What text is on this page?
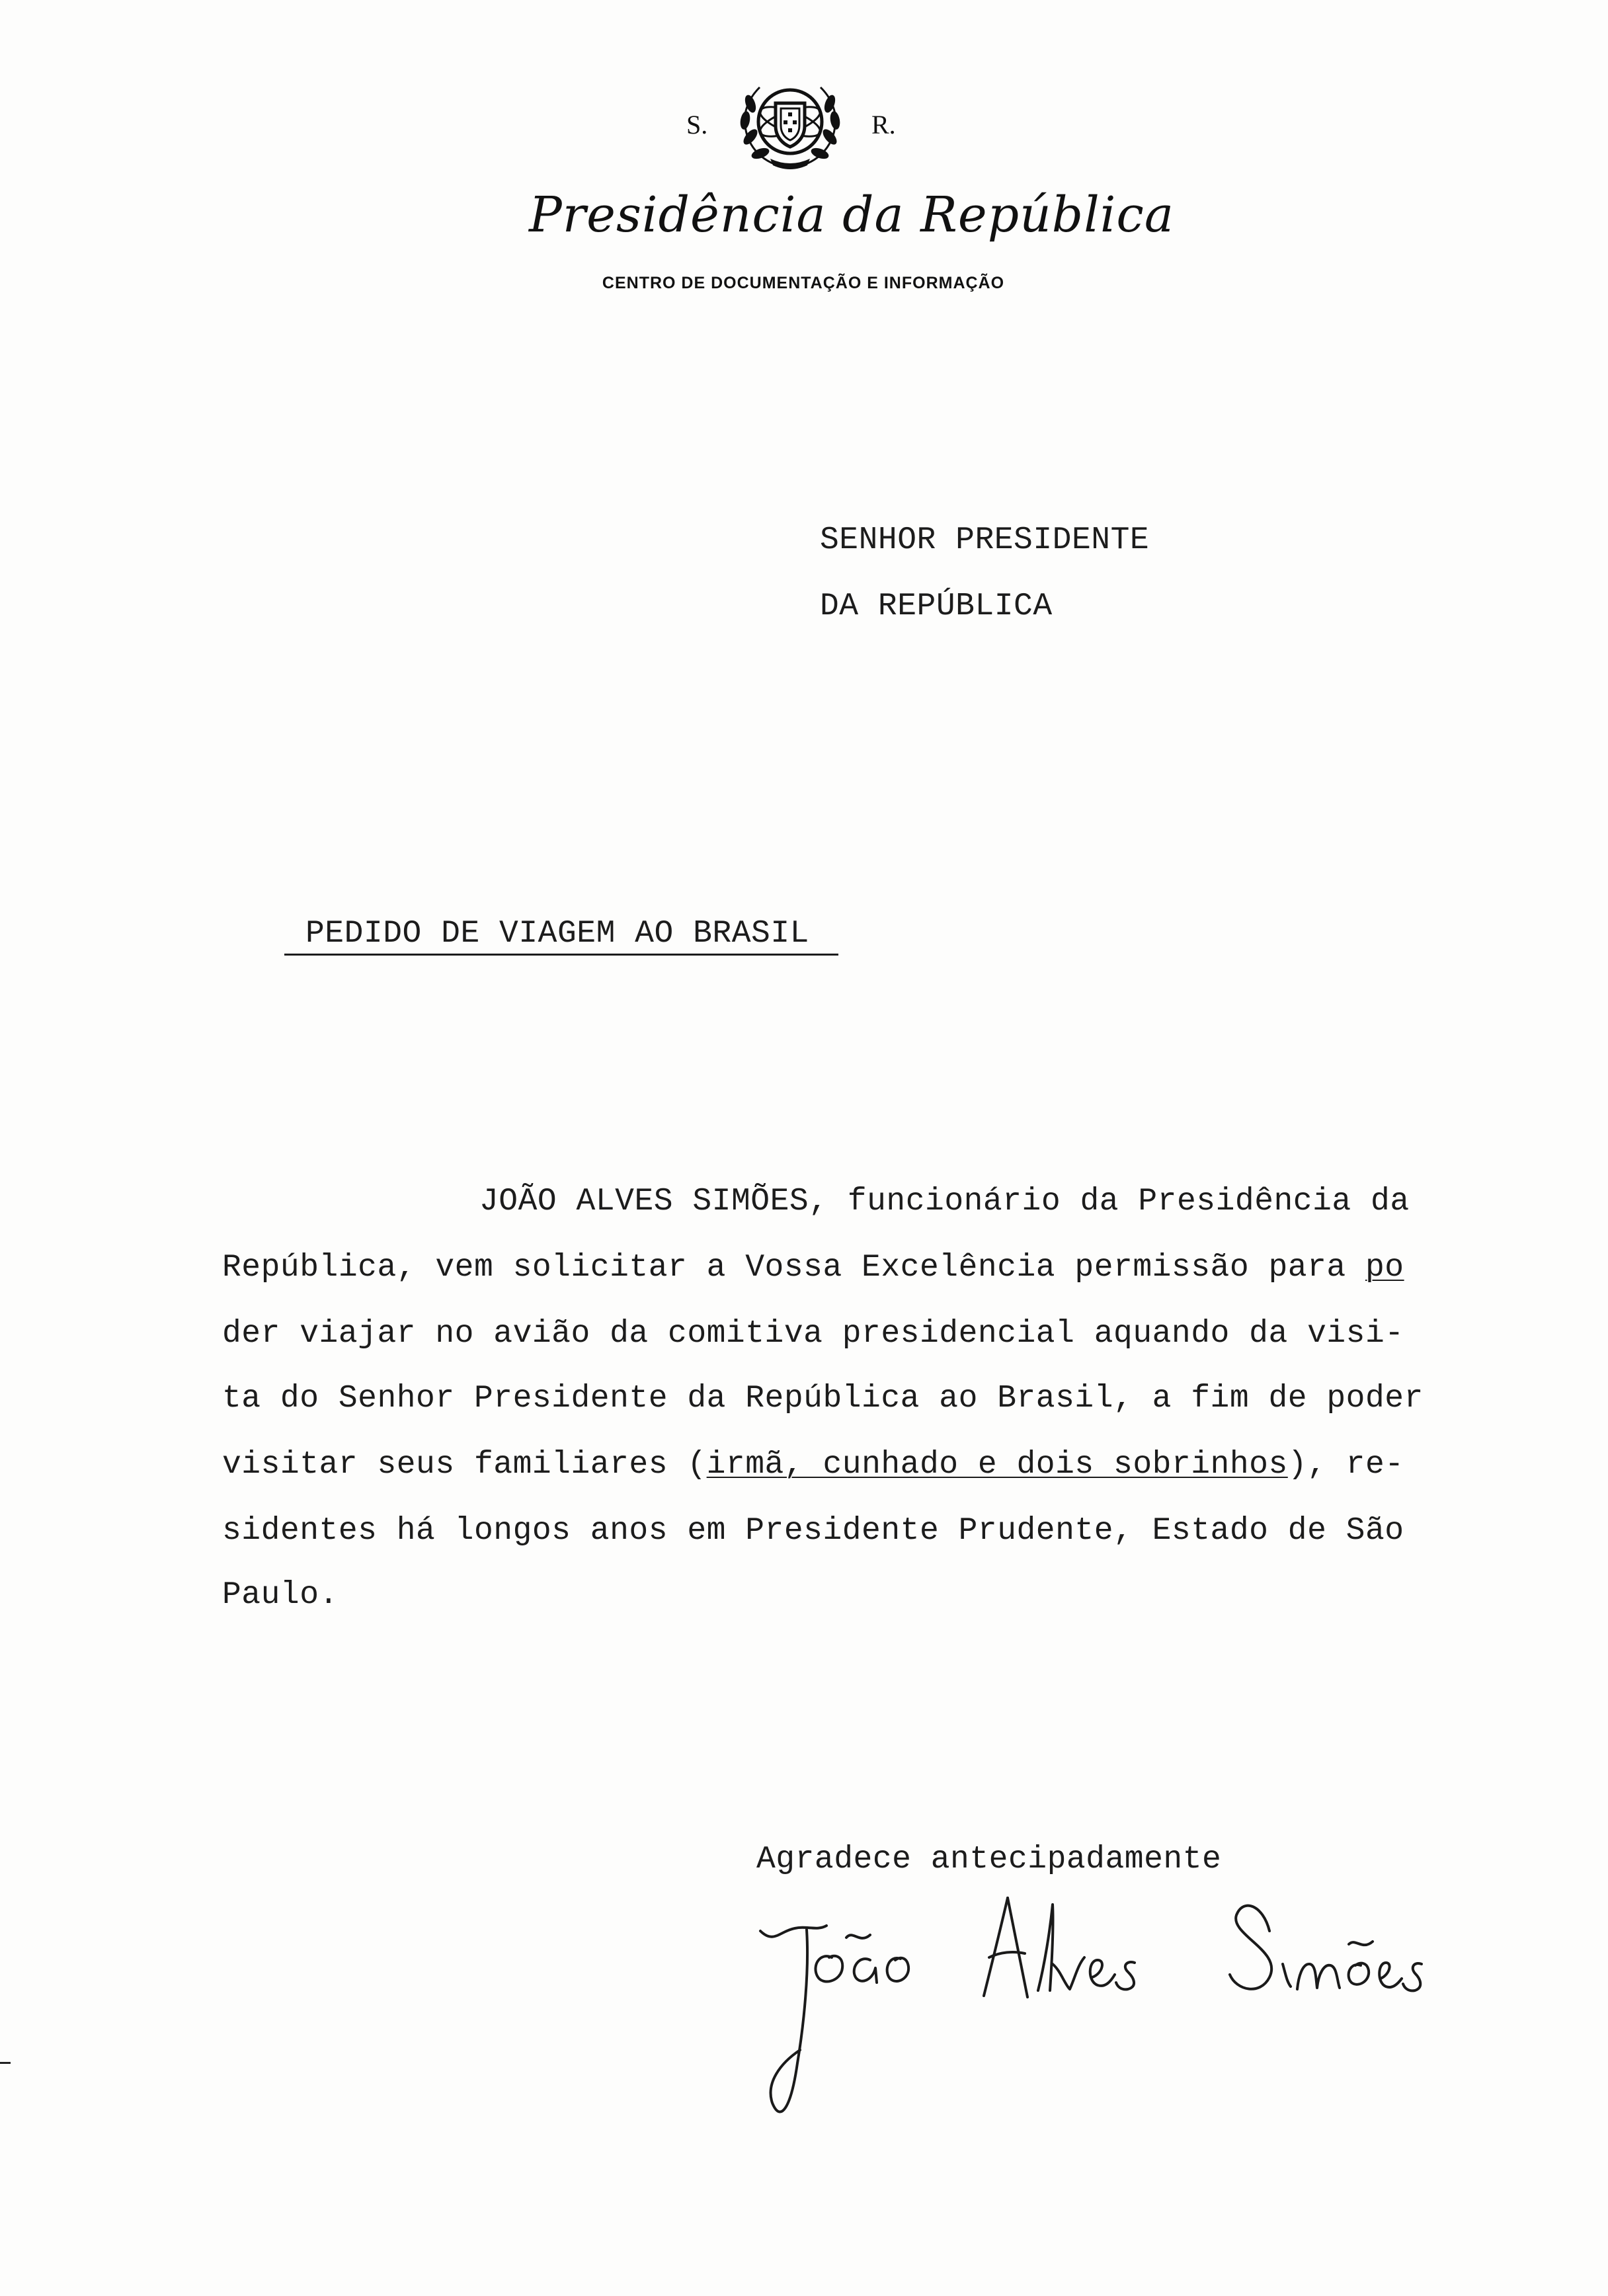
S.	R.
Presidência da República
CENTRO DE DOCUMENTAÇÃO E INFORMAÇÃO
SENHOR PRESIDENTE
DA REPÚBLICA
PEDIDO DE VIAGEM AO BRASIL
JOÃO ALVES SIMÕES, funcionário da Presidência da
República, vem solicitar a Vossa Excelência permissão para po
der viajar no avião da comitiva presidencial aquando da visi-
ta do Senhor Presidente da República ao Brasil, a fim de poder
visitar seus familiares (irmã, cunhado e dois sobrinhos), re-
sidentes há longos anos em Presidente Prudente, Estado de São
Paulo.
Agradece antecipadamente
